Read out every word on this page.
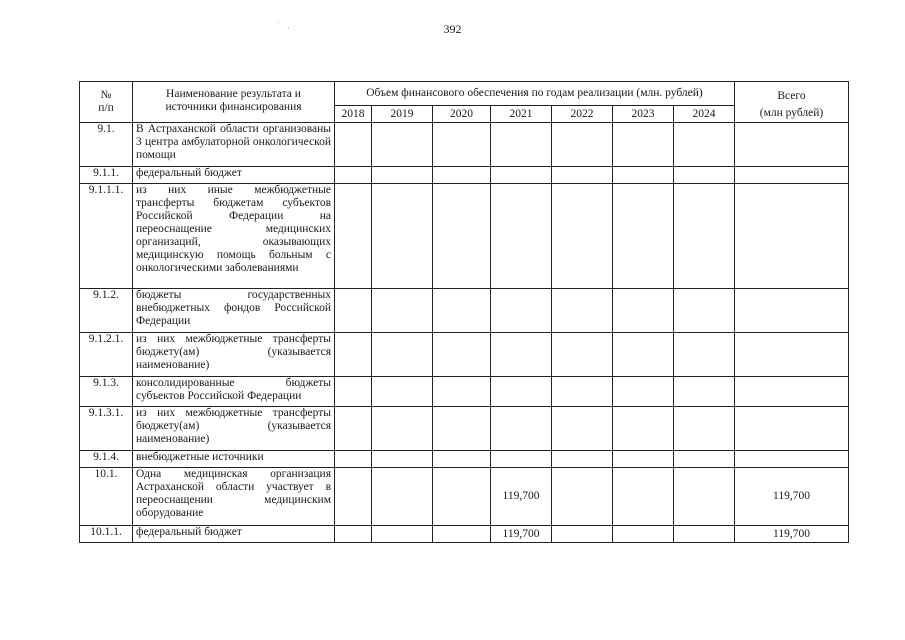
392
´˙ ,
.
№
п/п	Наименование результата и
источники финансирования	Объем финансового обеспечения по годам реализации (млн. рублей)							Всего
(млн рублей)
		2018	2019	2020	2021	2022	2023	2024	
9.1.	В Астраханской области организованы 3 центра амбулаторной онкологической помощи								
9.1.1.	федеральный бюджет								
9.1.1.1.	из них иные межбюджетные трансферты бюджетам субъектов Российской Федерации на переоснащение медицинских организаций, оказывающих медицинскую помощь больным с онкологическими заболеваниями								
9.1.2.	бюджеты государственных внебюджетных фондов Российской Федерации								
9.1.2.1.	из них межбюджетные трансферты бюджету(ам) (указывается наименование)								
9.1.3.	консолидированные бюджеты субъектов Российской Федерации								
9.1.3.1.	из них межбюджетные трансферты бюджету(ам) (указывается наименование)								
9.1.4.	внебюджетные источники								
10.1.	Одна медицинская организация Астраханской области участвует в переоснащении медицинским оборудование				119,700				119,700
10.1.1.	федеральный бюджет				119,700				119,700
